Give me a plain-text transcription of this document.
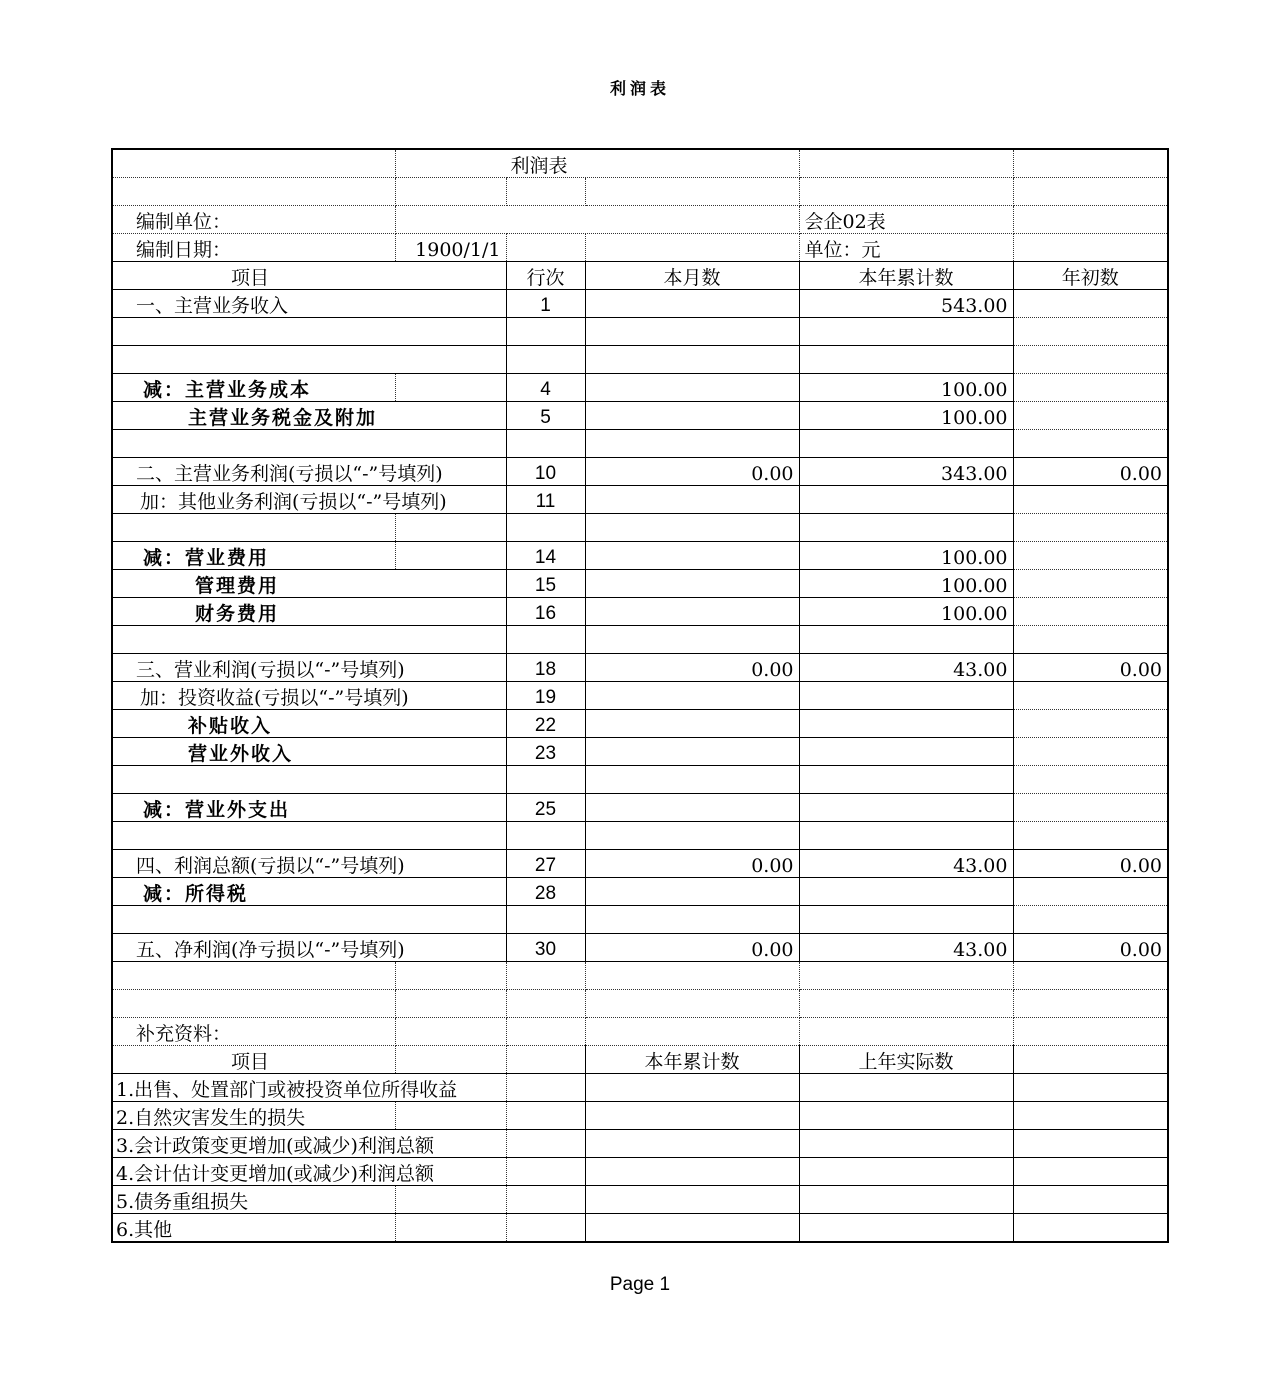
利润表
	利润表				

编制单位：				会企02表	
编制日期：	1900/1/1			单位：元	
项目		行次	本月数	本年累计数	年初数
一、主营业务收入		1		543.00	

减：主营业务成本		4		100.00	
主营业务税金及附加		5		100.00	

二、主营业务利润(亏损以“-”号填列)		10	0.00	343.00	0.00
加：其他业务利润(亏损以“-”号填列)		11			

减：营业费用		14		100.00	
管理费用		15		100.00	
财务费用		16		100.00	

三、营业利润(亏损以“-”号填列)		18	0.00	43.00	0.00
加：投资收益(亏损以“-”号填列)		19			
补贴收入		22			
营业外收入		23			

减：营业外支出		25			

四、利润总额(亏损以“-”号填列)		27	0.00	43.00	0.00
减：所得税		28			

五、净利润(净亏损以“-”号填列)		30	0.00	43.00	0.00

补充资料：					
项目			本年累计数	上年实际数	
1.出售、处置部门或被投资单位所得收益					
2.自然灾害发生的损失					
3.会计政策变更增加(或减少)利润总额					
4.会计估计变更增加(或减少)利润总额					
5.债务重组损失					
6.其他					
Page 1
